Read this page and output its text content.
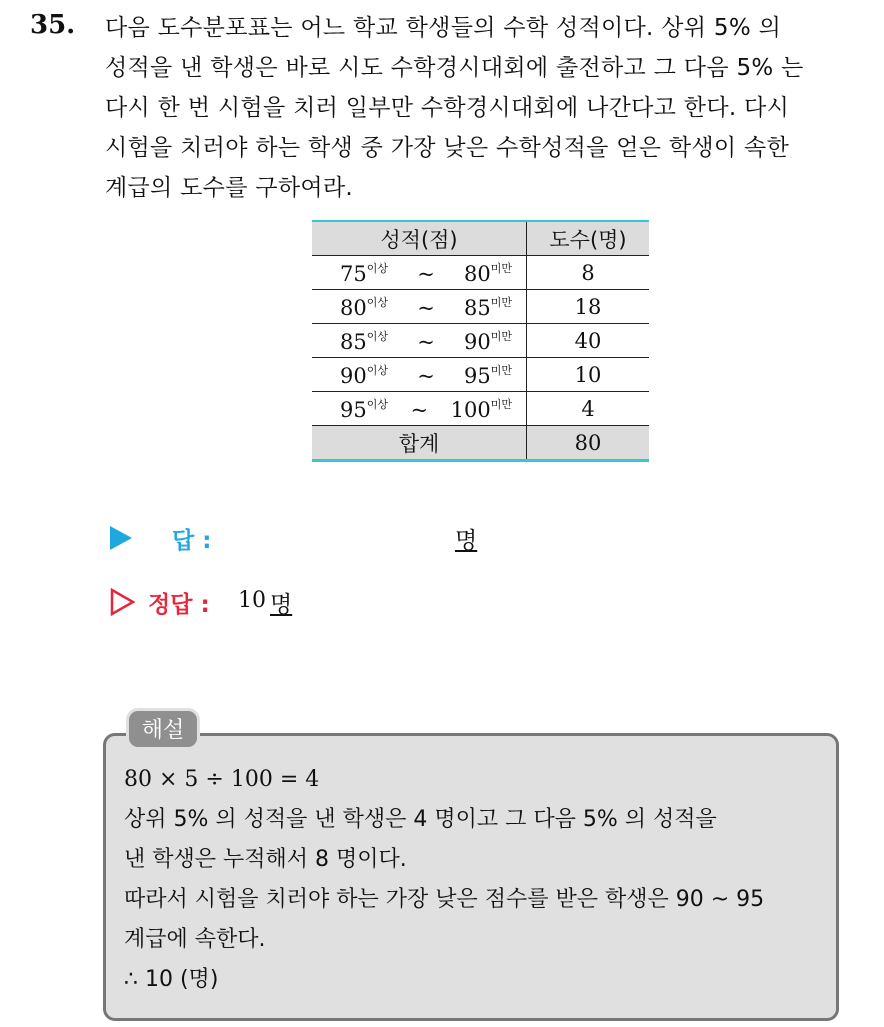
35. 다음 도수분포표는 어느 학교 학생들의 수학 성적이다. 상위 5% 의
성적을 낸 학생은 바로 시도 수학경시대회에 출전하고 그 다음 5% 는
다시 한 번 시험을 치러 일부만 수학경시대회에 나간다고 한다. 다시
시험을 치러야 하는 학생 중 가장 낮은 수학성적을 얻은 학생이 속한
계급의 도수를 구하여라.
성적(점)	도수(명)

$75^{이상}$ ~ $80^{미만}$	8

$80^{이상}$ ~ $85^{미만}$	18

$85^{이상}$ ~ $90^{미만}$	40

$90^{이상}$ ~ $95^{미만}$	10

$95^{이상}$ ~ $100^{미만}$	4
합계	80
답 :	명
정답 : 10 명
해설
80 × 5 ÷ 100 = 4
상위 5% 의 성적을 낸 학생은 4 명이고 그 다음 5% 의 성적을
낸 학생은 누적해서 8 명이다.
따라서 시험을 치러야 하는 가장 낮은 점수를 받은 학생은 90 ~ 95
계급에 속한다.
∴ 10 (명)
